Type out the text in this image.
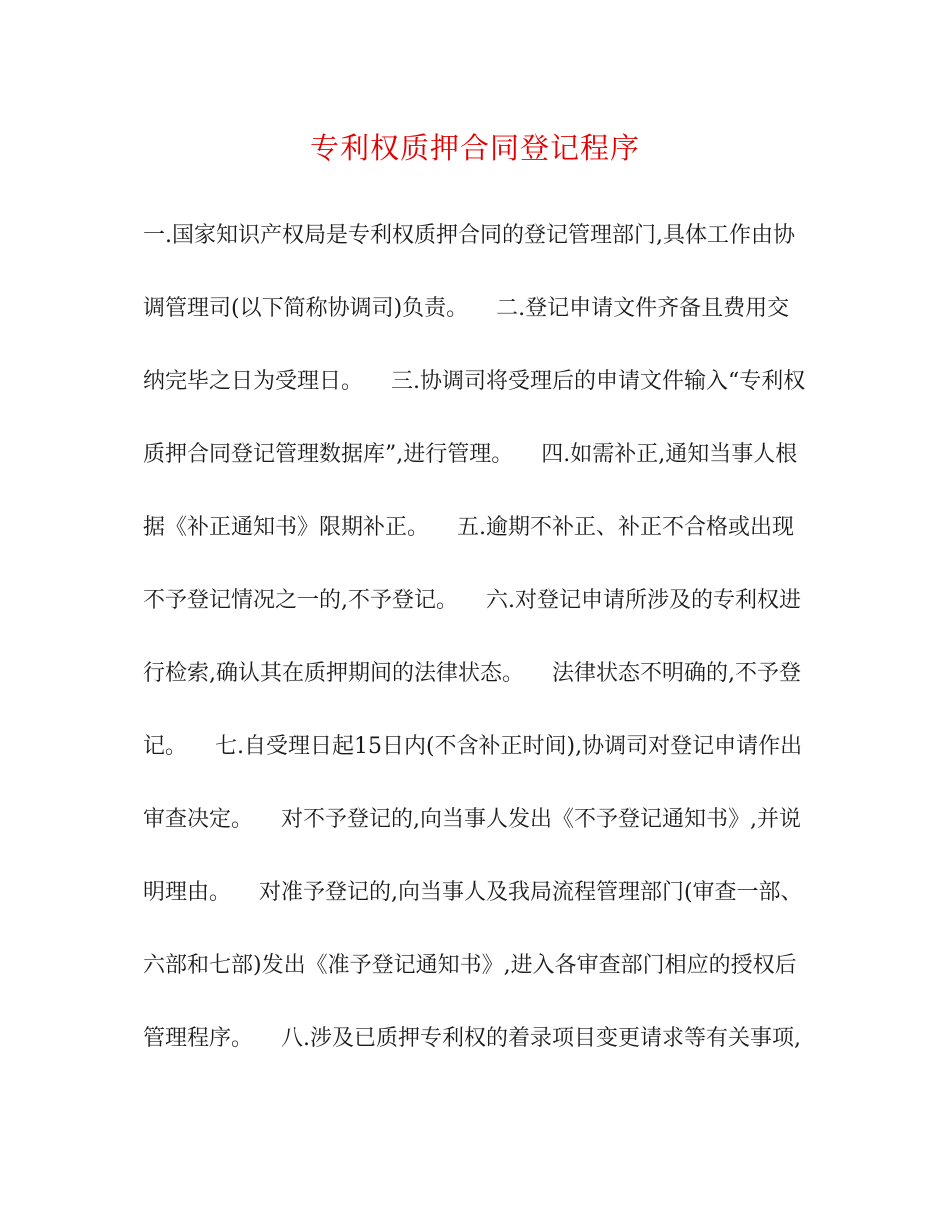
专利权质押合同登记程序
一.国家知识产权局是专利权质押合同的登记管理部门,具体工作由协
调管理司(以下简称协调司)负责。    二.登记申请文件齐备且费用交
纳完毕之日为受理日。    三.协调司将受理后的申请文件输入“专利权
质押合同登记管理数据库”,进行管理。    四.如需补正,通知当事人根
据《补正通知书》限期补正。    五.逾期不补正、补正不合格或出现
不予登记情况之一的,不予登记。    六.对登记申请所涉及的专利权进
行检索,确认其在质押期间的法律状态。    法律状态不明确的,不予登
记。    七.自受理日起15日内(不含补正时间),协调司对登记申请作出
审查决定。    对不予登记的,向当事人发出《不予登记通知书》,并说
明理由。    对准予登记的,向当事人及我局流程管理部门(审查一部、
六部和七部)发出《准予登记通知书》,进入各审查部门相应的授权后
管理程序。    八.涉及已质押专利权的着录项目变更请求等有关事项,
